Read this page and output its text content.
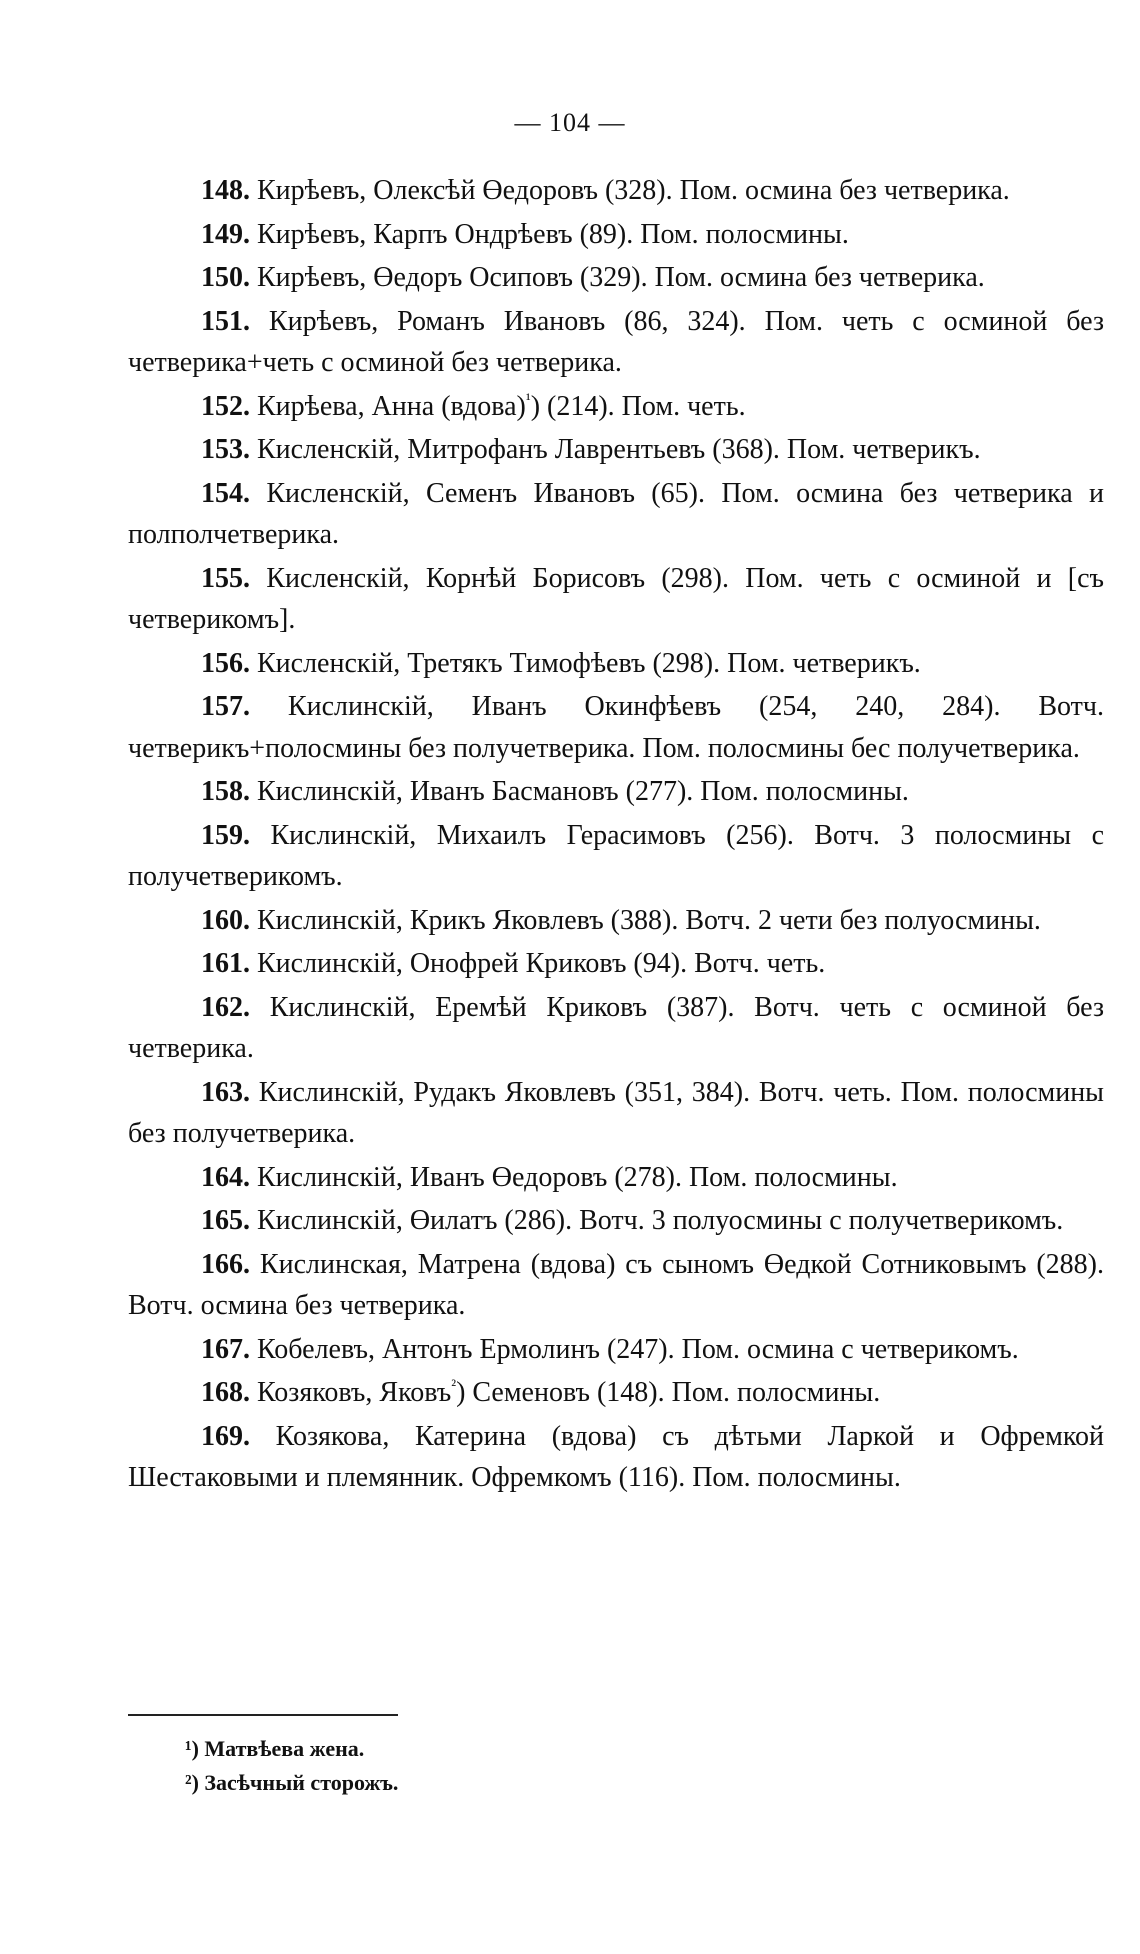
— 104 —

148. Кирѣевъ, Олексѣй Өедоровъ (328). Пом. осмина без четверика.

149. Кирѣевъ, Карпъ Ондрѣевъ (89). Пом. полосмины.

150. Кирѣевъ, Өедоръ Осиповъ (329). Пом. осмина без четверика.

151. Кирѣевъ, Романъ Ивановъ (86, 324). Пом. четь с осминой без четверика+четь с осминой без четверика.

152. Кирѣева, Анна (вдова)$^{^1}$) (214). Пом. четь.

153. Кисленскій, Митрофанъ Лаврентьевъ (368). Пом. четверикъ.

154. Кисленскій, Семенъ Ивановъ (65). Пом. осмина без четверика и полполчетверика.

155. Кисленскій, Корнѣй Борисовъ (298). Пом. четь с осминой и [съ четверикомъ].

156. Кисленскій, Третякъ Тимофѣевъ (298). Пом. четверикъ.

157. Кислинскій, Иванъ Окинфѣевъ (254, 240, 284). Вотч. четверикъ+полосмины без получетверика. Пом. полосмины бес получетверика.

158. Кислинскій, Иванъ Басмановъ (277). Пом. полосмины.

159. Кислинскій, Михаилъ Герасимовъ (256). Вотч. 3 полосмины с получетверикомъ.

160. Кислинскій, Крикъ Яковлевъ (388). Вотч. 2 чети без полуосмины.

161. Кислинскій, Онофрей Криковъ (94). Вотч. четь.

162. Кислинскій, Еремѣй Криковъ (387). Вотч. четь с осминой без четверика.

163. Кислинскій, Рудакъ Яковлевъ (351, 384). Вотч. четь. Пом. полосмины без получетверика.

164. Кислинскій, Иванъ Өедоровъ (278). Пом. полосмины.

165. Кислинскій, Өилатъ (286). Вотч. 3 полуосмины с получетверикомъ.

166. Кислинская, Матрена (вдова) съ сыномъ Өедкой Сотниковымъ (288). Вотч. осмина без четверика.

167. Кобелевъ, Антонъ Ермолинъ (247). Пом. осмина с четверикомъ.

168. Козяковъ, Яковъ$^{^2}$) Семеновъ (148). Пом. полосмины.

169. Козякова, Катерина (вдова) съ дѣтьми Ларкой и Офремкой Шестаковыми и племянник. Офремкомъ (116). Пом. полосмины.

¹) Матвѣева жена.

²) Засѣчный сторожъ.
